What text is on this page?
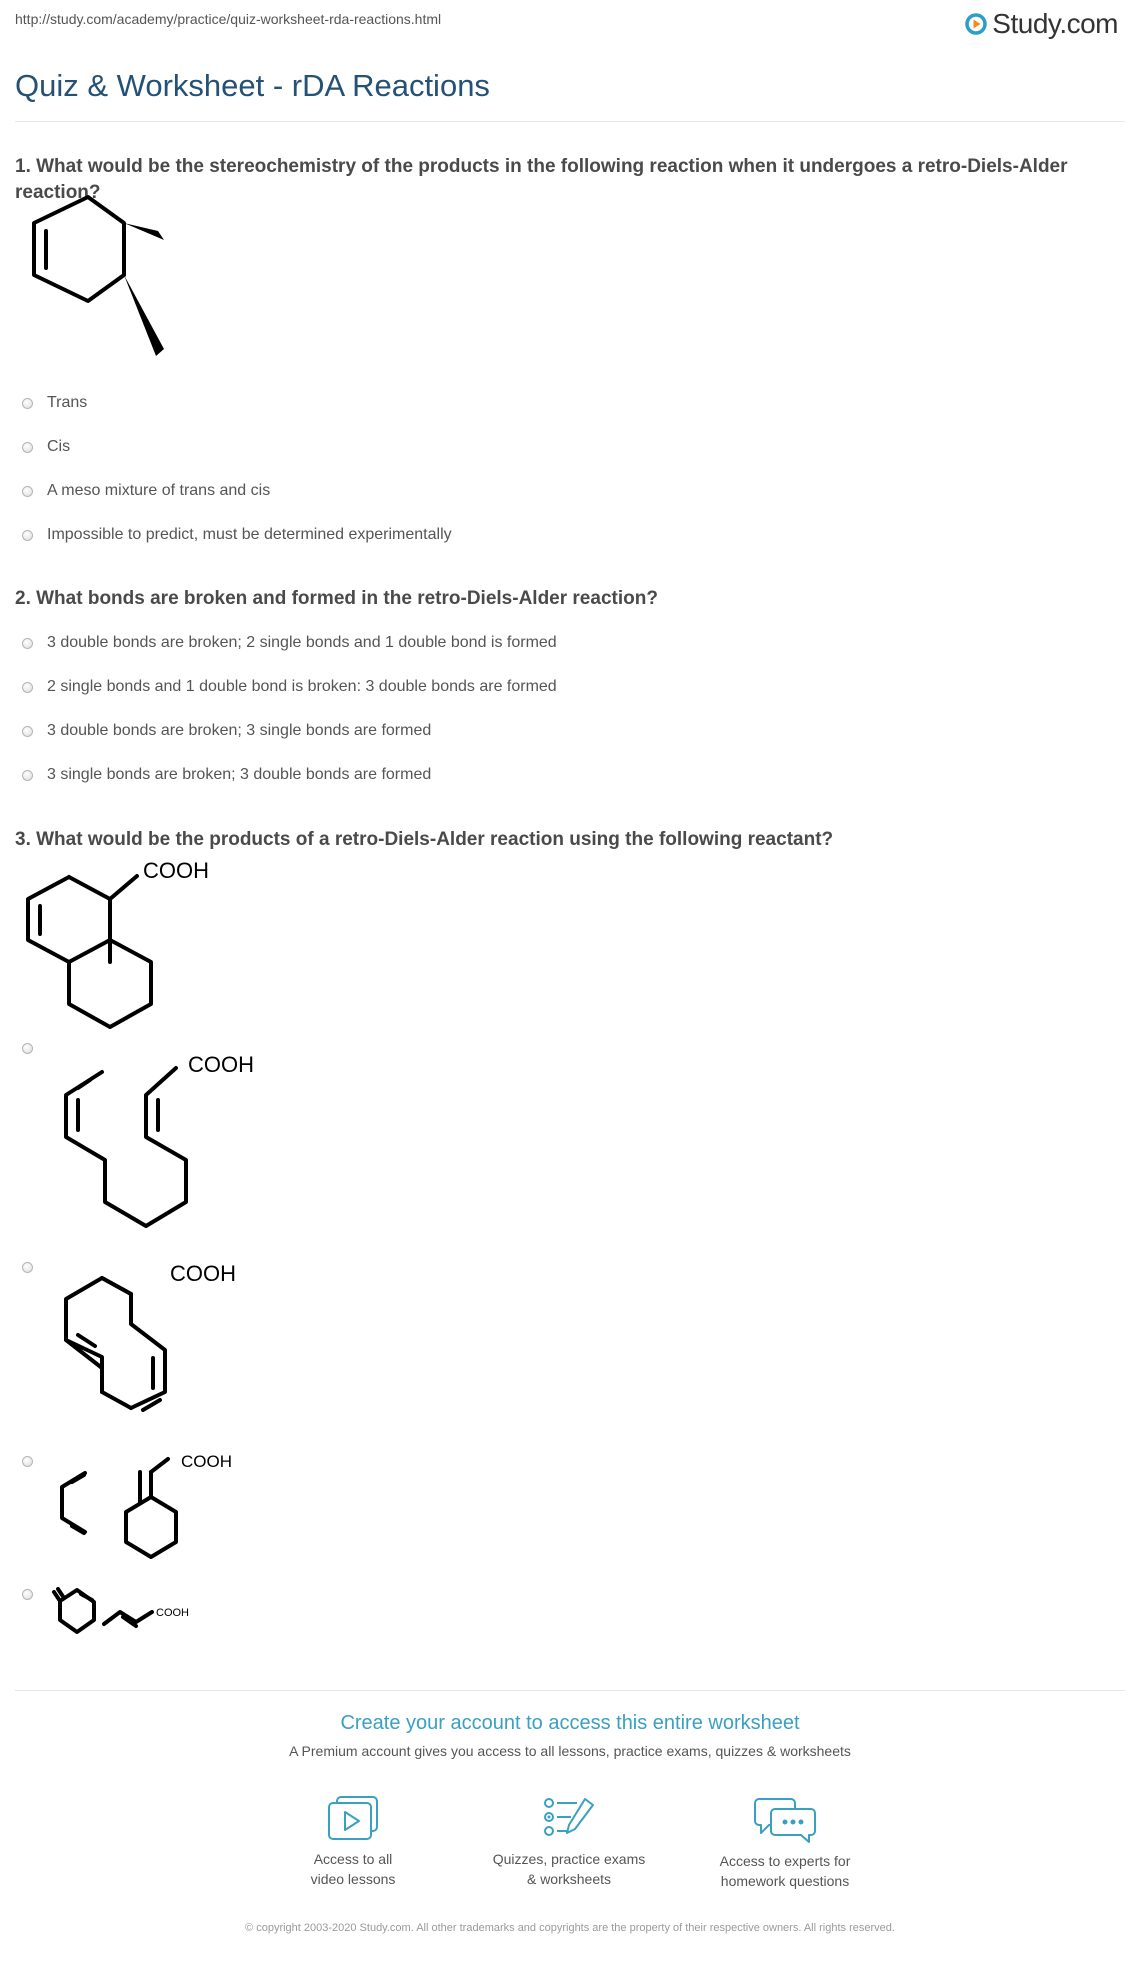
http://study.com/academy/practice/quiz-worksheet-rda-reactions.html	Study.com
Quiz & Worksheet - rDA Reactions

1. What would be the stereochemistry of the products in the following reaction when it undergoes a retro-Diels-Alder reaction?

Trans
Cis
A meso mixture of trans and cis
Impossible to predict, must be determined experimentally

2. What bonds are broken and formed in the retro-Diels-Alder reaction?

3 double bonds are broken; 2 single bonds and 1 double bond is formed
2 single bonds and 1 double bond is broken: 3 double bonds are formed
3 double bonds are broken; 3 single bonds are formed
3 single bonds are broken; 3 double bonds are formed

3. What would be the products of a retro-Diels-Alder reaction using the following reactant?

COOH
COOH
COOH
COOH
COOH
Create your account to access this entire worksheet
A Premium account gives you access to all lessons, practice exams, quizzes & worksheets
Access to all
video lessons
Quizzes, practice exams
& worksheets
Access to experts for
homework questions
© copyright 2003-2020 Study.com. All other trademarks and copyrights are the property of their respective owners. All rights reserved.
